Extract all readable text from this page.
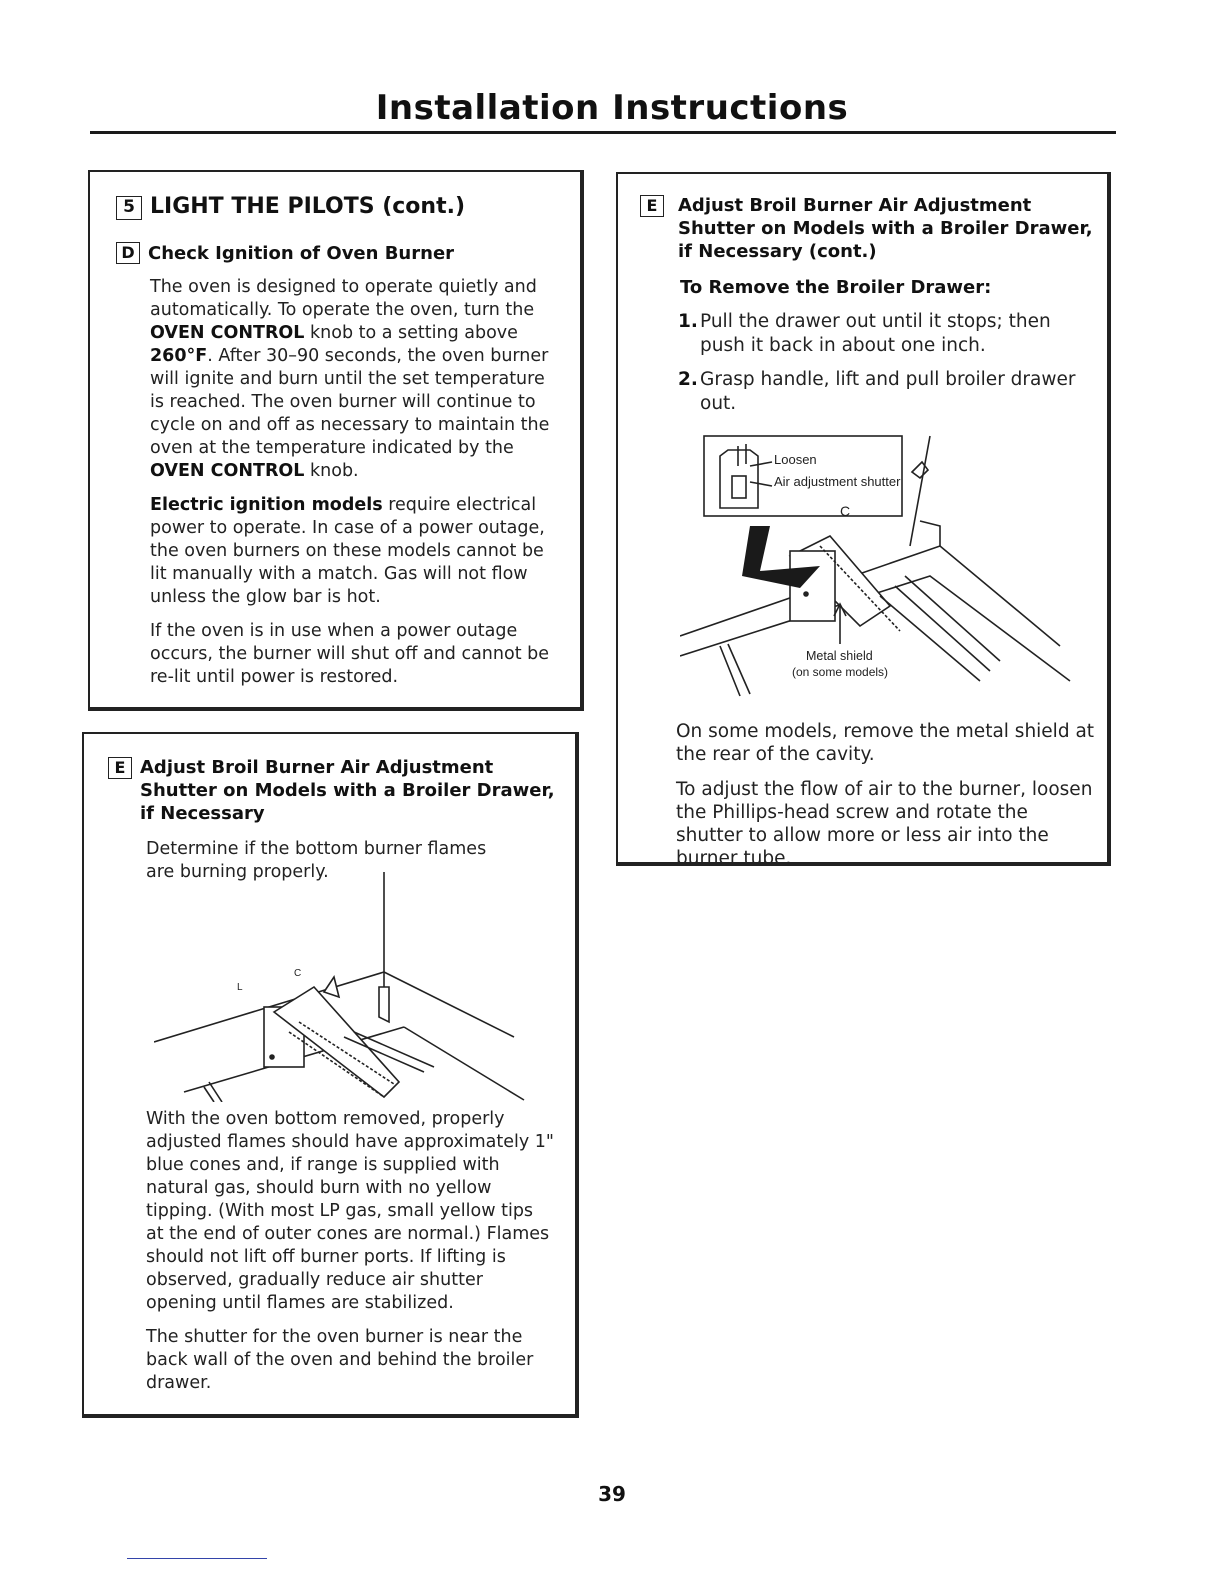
Installation Instructions
5 LIGHT THE PILOTS (cont.)
D Check Ignition of Oven Burner

The oven is designed to operate quietly and automatically. To operate the oven, turn the OVEN CONTROL knob to a setting above 260°F. After 30–90 seconds, the oven burner will ignite and burn until the set temperature is reached. The oven burner will continue to cycle on and off as necessary to maintain the oven at the temperature indicated by the OVEN CONTROL knob.

Electric ignition models require electrical power to operate. In case of a power outage, the oven burners on these models cannot be lit manually with a match. Gas will not flow unless the glow bar is hot.

If the oven is in use when a power outage occurs, the burner will shut off and cannot be re-lit until power is restored.

E Adjust Broil Burner Air Adjustment
Shutter on Models with a Broiler Drawer,
if Necessary

Determine if the bottom burner flames are burning properly.

L
C

With the oven bottom removed, properly adjusted flames should have approximately 1" blue cones and, if range is supplied with natural gas, should burn with no yellow tipping. (With most LP gas, small yellow tips at the end of outer cones are normal.) Flames should not lift off burner ports. If lifting is observed, gradually reduce air shutter opening until flames are stabilized.

The shutter for the oven burner is near the back wall of the oven and behind the broiler drawer.

E	Adjust Broil Burner Air Adjustment
Shutter on Models with a Broiler Drawer,
if Necessary (cont.)
To Remove the Broiler Drawer:
1. Pull the drawer out until it stops; then push it back in about one inch.
2. Grasp handle, lift and pull broiler drawer out.
C
Loosen
Air adjustment shutter
Metal shield
(on some models)

On some models, remove the metal shield at the rear of the cavity.

To adjust the flow of air to the burner, loosen the Phillips-head screw and rotate the shutter to allow more or less air into the burner tube.

39
